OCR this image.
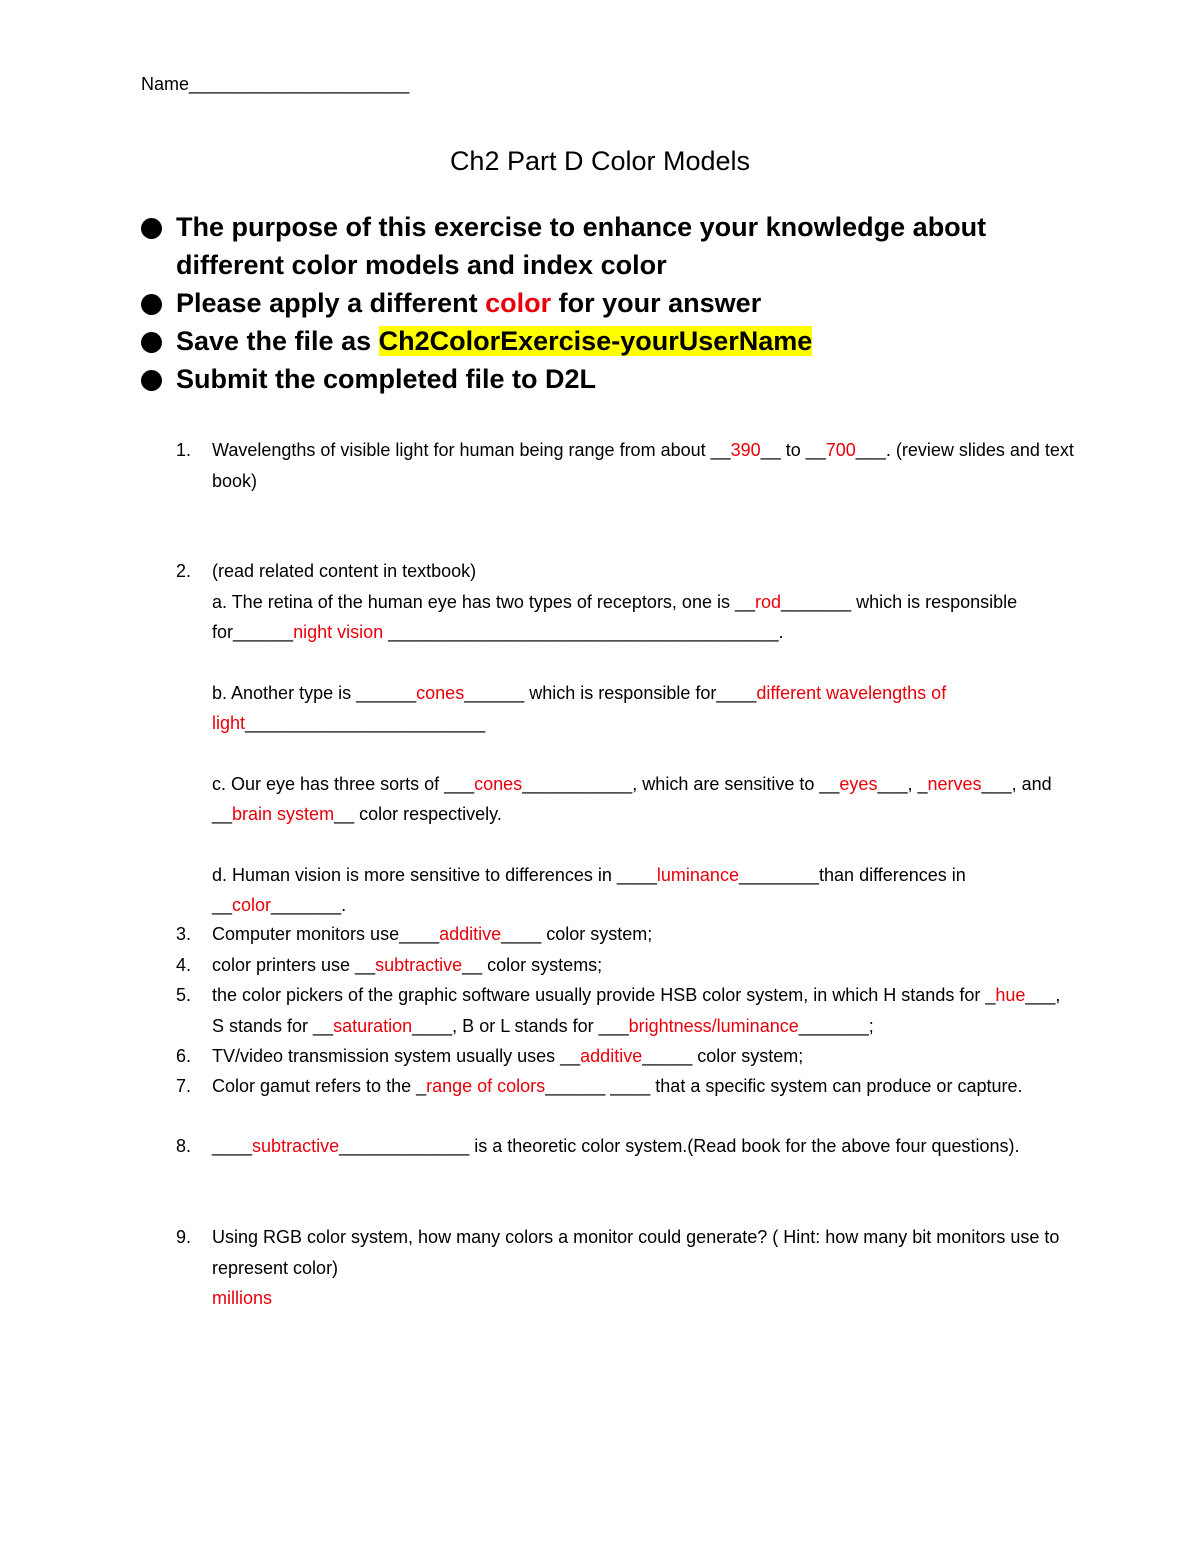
Name______________________
Ch2 Part D Color Models
The purpose of this exercise to enhance your knowledge about different color models and index color
Please apply a different color for your answer
Save the file as Ch2ColorExercise-yourUserName
Submit the completed file to D2L
1.	Wavelengths of visible light for human being range from about __390__ to __700___. (review slides and text book)
2.	(read related content in textbook)
a. The retina of the human eye has two types of receptors, one is __rod_______ which is responsible for______night vision _______________________________________.
b. Another type is ______cones______ which is responsible for____different wavelengths of light________________________
c. Our eye has three sorts of ___cones___________, which are sensitive to __eyes___, _nerves___, and __brain system__ color respectively.
d. Human vision is more sensitive to differences in ____luminance________than differences in __color_______.
3.	Computer monitors use____additive____ color system;
4.	color printers use __subtractive__ color systems;
5.	the color pickers of the graphic software usually provide HSB color system, in which H stands for _hue___, S stands for __saturation____, B or L stands for ___brightness/luminance_______;
6.	TV/video transmission system usually uses __additive_____ color system;
7.	Color gamut refers to the _range of colors______ ____ that a specific system can produce or capture.
8.	____subtractive_____________ is a theoretic color system.(Read book for the above four questions).
9.	Using RGB color system, how many colors a monitor could generate? ( Hint: how many bit monitors use to represent color)
millions
